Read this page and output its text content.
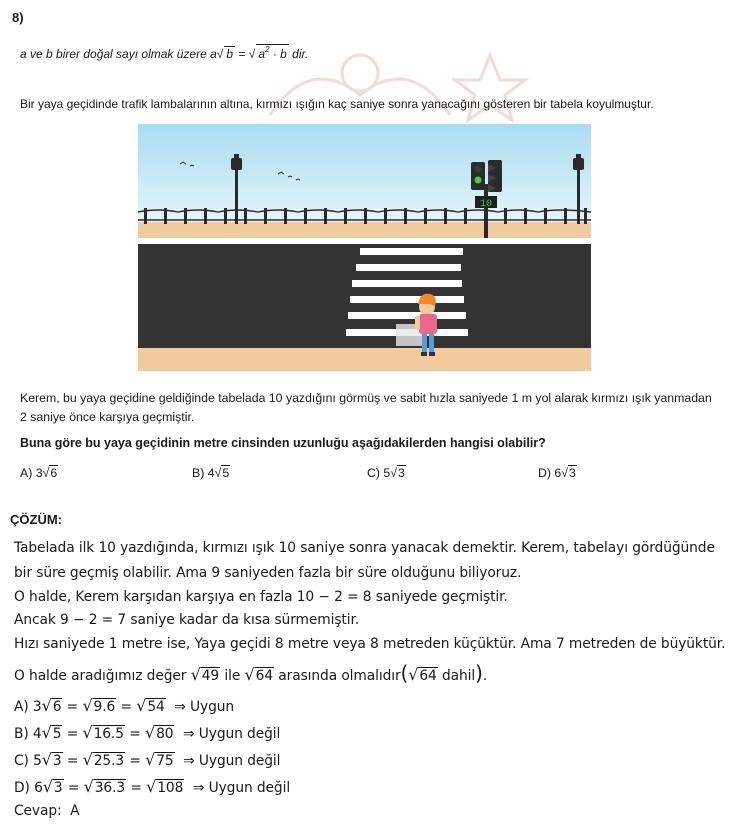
8)
a ve b birer doğal sayı olmak üzere a√ b = √ $a^2 \cdot b$ dir.
Bir yaya geçidinde trafik lambalarının altına, kırmızı ışığın kaç saniye sonra yanacağını gösteren bir tabela koyulmuştur.
10
Kerem, bu yaya geçidine geldiğinde tabelada 10 yazdığını görmüş ve sabit hızla saniyede 1 m yol alarak kırmızı ışık yanmadan 2 saniye önce karşıya geçmiştir.
Buna göre bu yaya geçidinin metre cinsinden uzunluğu aşağıdakilerden hangisi olabilir?
A) 3√6	B) 4√5	C) 5√3	D) 6√3
ÇÖZÜM:
Tabelada ilk 10 yazdığında, kırmızı ışık 10 saniye sonra yanacak demektir. Kerem, tabelayı gördüğünde
bir süre geçmiş olabilir. Ama 9 saniyeden fazla bir süre olduğunu biliyoruz.
O halde, Kerem karşıdan karşıya en fazla 10 − 2 = 8 saniyede geçmiştir.
Ancak 9 − 2 = 7 saniye kadar da kısa sürmemiştir.
Hızı saniyede 1 metre ise, Yaya geçidi 8 metre veya 8 metreden küçüktür. Ama 7 metreden de büyüktür.
O halde aradığımız değer √49 ile √64 arasında olmalıdır(√64 dahil).
A) 3√6 = √9.6 = √54  ⇒ Uygun
B) 4√5 = √16.5 = √80  ⇒ Uygun değil
C) 5√3 = √25.3 = √75  ⇒ Uygun değil
D) 6√3 = √36.3 = √108  ⇒ Uygun değil
Cevap:  A
